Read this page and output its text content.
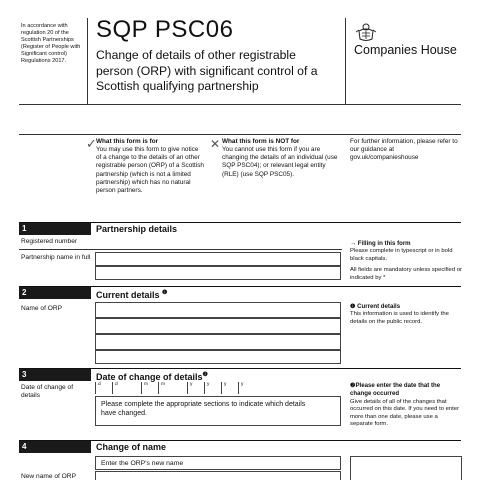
In accordance with regulation 20 of the Scottish Partnerships (Register of People with Significant control) Regulations 2017.
SQP PSC06
Change of details of other registrable person (ORP) with significant control of a Scottish qualifying partnership
Companies House
✓ What this form is for
You may use this form to give notice of a change to the details of an other registrable person (ORP) of a Scottish partnership (which is not a limited partnership) which has no natural person partners.
✕ What this form is NOT for
You cannot use this form if you are changing the details of an individual (use SQP PSC04); or relevant legal entity (RLE) (use SQP PSC05).
For further information, please refer to our guidance at gov.uk/companieshouse
1	Partnership details
Registered number
Partnership name in full
→ Filling in this form
Please complete in typescript or in bold black capitals.
All fields are mandatory unless specified or indicated by *
2	Current details $^❶$
Name of ORP	❶ Current details
This information is used to identify the details on the public record.
3	Date of change of details$^❷$
Date of change of details
d	d	m	m	y	y	y	y
Please complete the appropriate sections to indicate which details have changed.
❷Please enter the date that the change occurred
Give details of all of the changes that occurred on this date. If you need to enter more than one date, please use a separate form.
4	Change of name
Enter the ORP's new name
New name of ORP
